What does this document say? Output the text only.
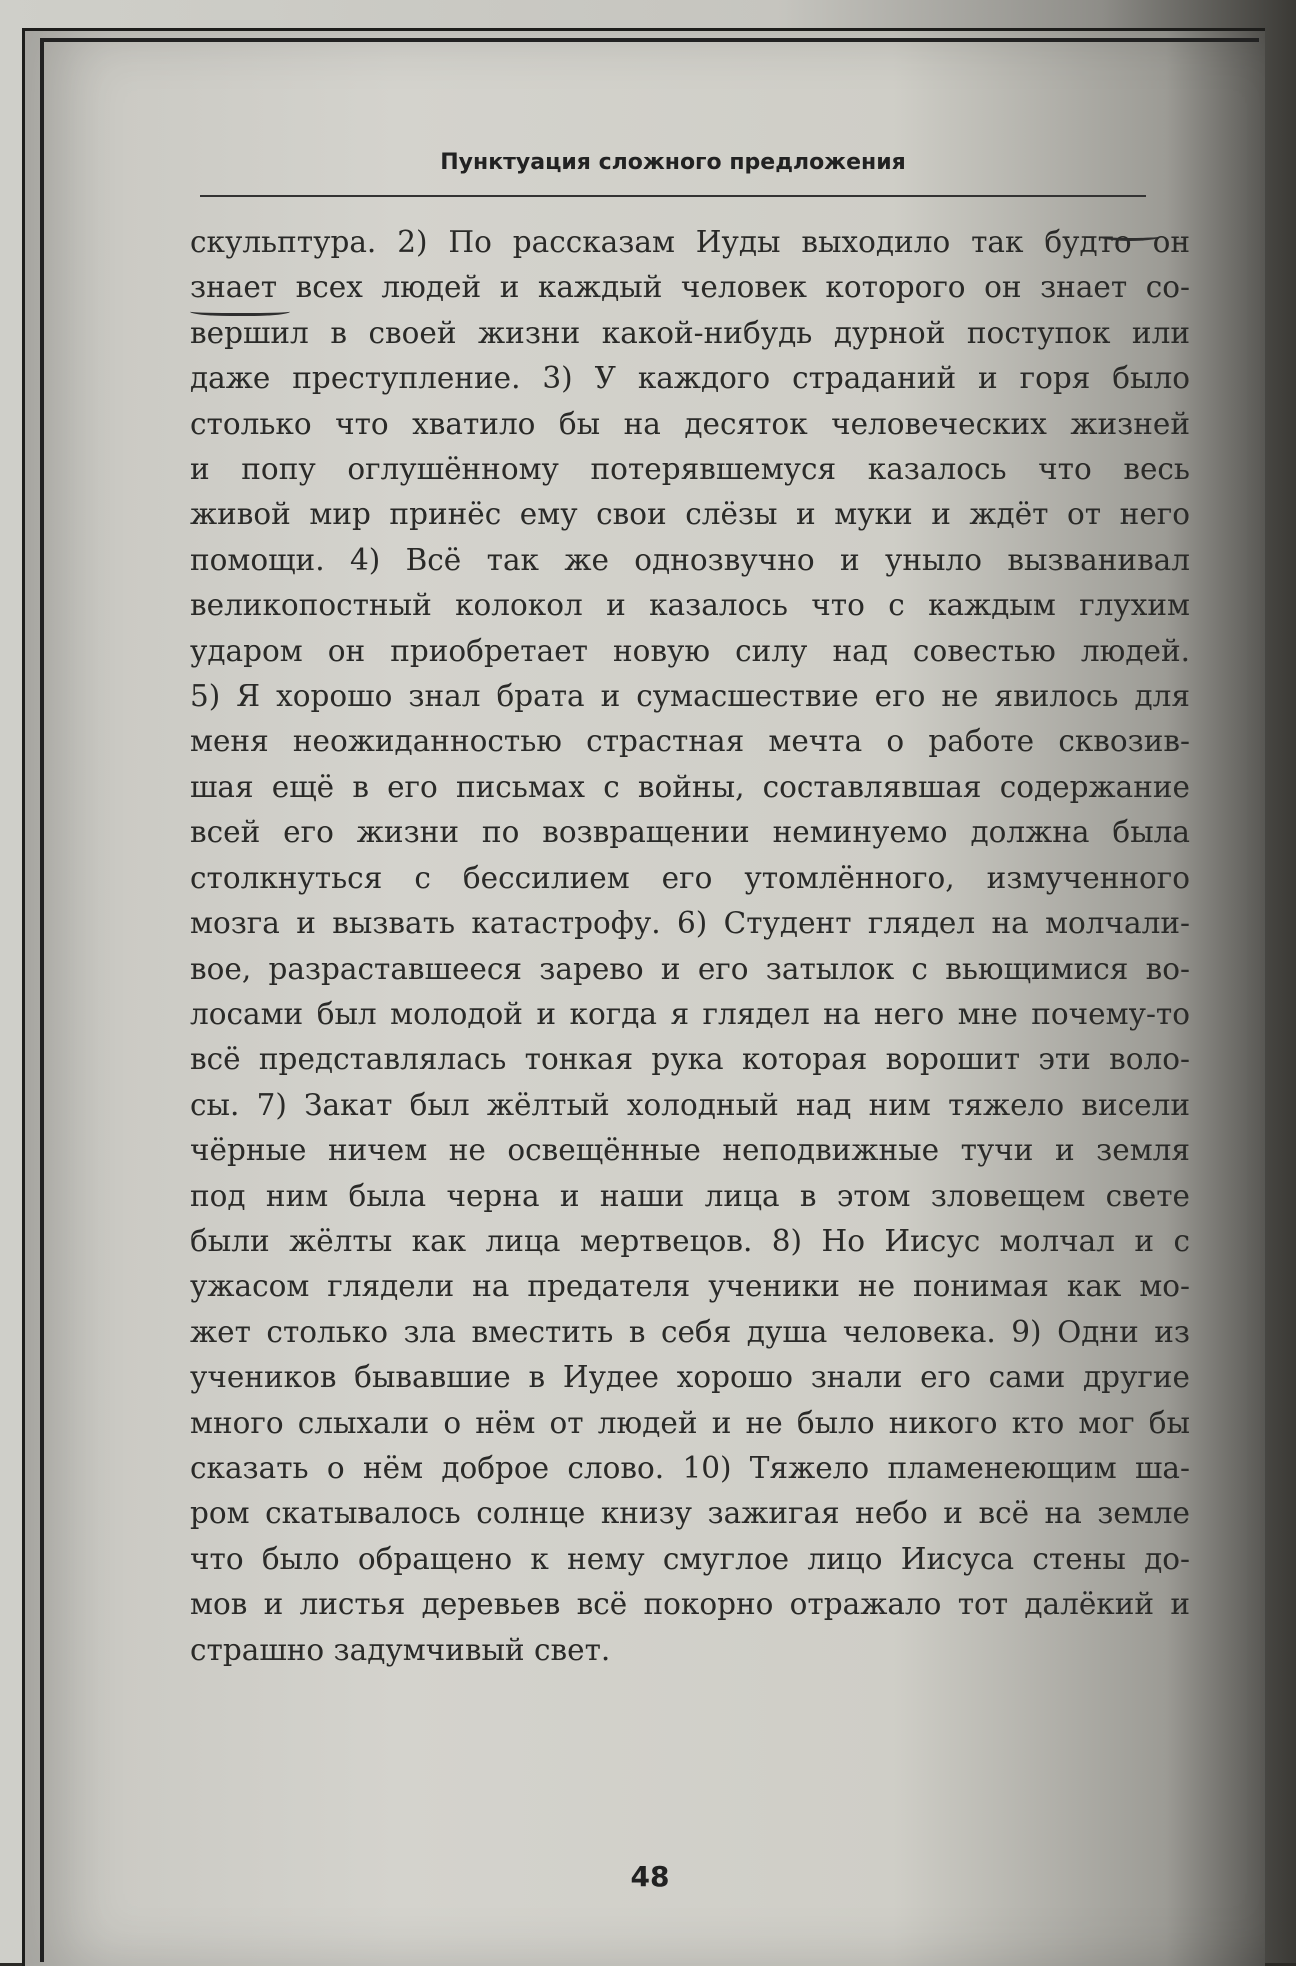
Пунктуация сложного предложения
скульптура. 2) По рассказам Иуды выходило так будто он
знает всех людей и каждый человек которого он знает со-
вершил в своей жизни какой-нибудь дурной поступок или
даже преступление. 3) У каждого страданий и горя было
столько что хватило бы на десяток человеческих жизней
и попу оглушённому потерявшемуся казалось что весь
живой мир принёс ему свои слёзы и муки и ждёт от него
помощи. 4) Всё так же однозвучно и уныло вызванивал
великопостный колокол и казалось что с каждым глухим
ударом он приобретает новую силу над совестью людей.
5) Я хорошо знал брата и сумасшествие его не явилось для
меня неожиданностью страстная мечта о работе сквозив-
шая ещё в его письмах с войны, составлявшая содержание
всей его жизни по возвращении неминуемо должна была
столкнуться с бессилием его утомлённого, измученного
мозга и вызвать катастрофу. 6) Студент глядел на молчали-
вое, разраставшееся зарево и его затылок с вьющимися во-
лосами был молодой и когда я глядел на него мне почему-то
всё представлялась тонкая рука которая ворошит эти воло-
сы. 7) Закат был жёлтый холодный над ним тяжело висели
чёрные ничем не освещённые неподвижные тучи и земля
под ним была черна и наши лица в этом зловещем свете
были жёлты как лица мертвецов. 8) Но Иисус молчал и с
ужасом глядели на предателя ученики не понимая как мо-
жет столько зла вместить в себя душа человека. 9) Одни из
учеников бывавшие в Иудее хорошо знали его сами другие
много слыхали о нём от людей и не было никого кто мог бы
сказать о нём доброе слово. 10) Тяжело пламенеющим ша-
ром скатывалось солнце книзу зажигая небо и всё на земле
что было обращено к нему смуглое лицо Иисуса стены до-
мов и листья деревьев всё покорно отражало тот далёкий и
страшно задумчивый свет.
48
